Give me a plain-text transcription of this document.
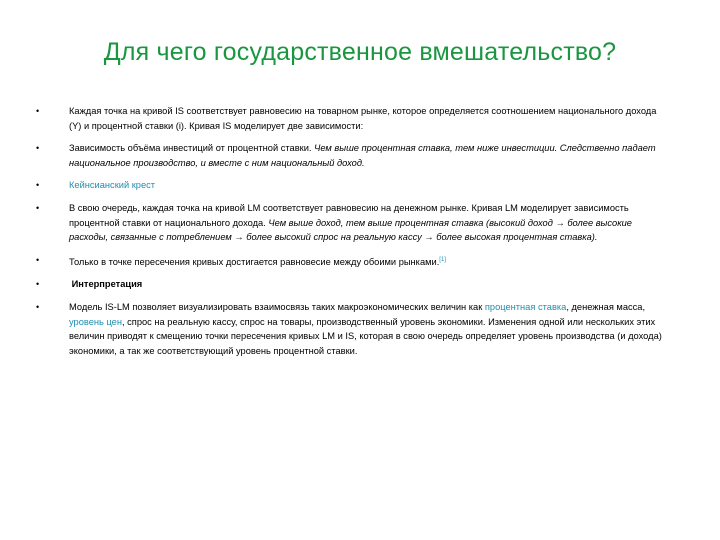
Для чего государственное вмешательство?
•	Каждая точка на кривой IS соответствует равновесию на товарном рынке, которое определяется соотношением национального дохода (Y) и процентной ставки (i). Кривая IS моделирует две зависимости:
•	Зависимость объёма инвестиций от процентной ставки. Чем выше процентная ставка, тем ниже инвестиции. Следственно падает национальное производство, и вместе с ним национальный доход.
•	Кейнсианский крест
•	В свою очередь, каждая точка на кривой LM соответствует равновесию на денежном рынке. Кривая LM моделирует зависимость процентной ставки от национального дохода. Чем выше доход, тем выше процентная ставка (высокий доход → более высокие расходы, связанные с потреблением → более высокий спрос на реальную кассу → более высокая процентная ставка).
•	Только в точке пересечения кривых достигается равновесие между обоими рынками.[1]
•	Интерпретация
•	Модель IS-LM позволяет визуализировать взаимосвязь таких макроэкономических величин как процентная ставка, денежная масса, уровень цен, спрос на реальную кассу, спрос на товары, производственный уровень экономики. Изменения одной или нескольких этих величин приводят к смещению точки пересечения кривых LM и IS, которая в свою очередь определяет уровень производства (и дохода) экономики, а так же соответствующий уровень процентной ставки.
